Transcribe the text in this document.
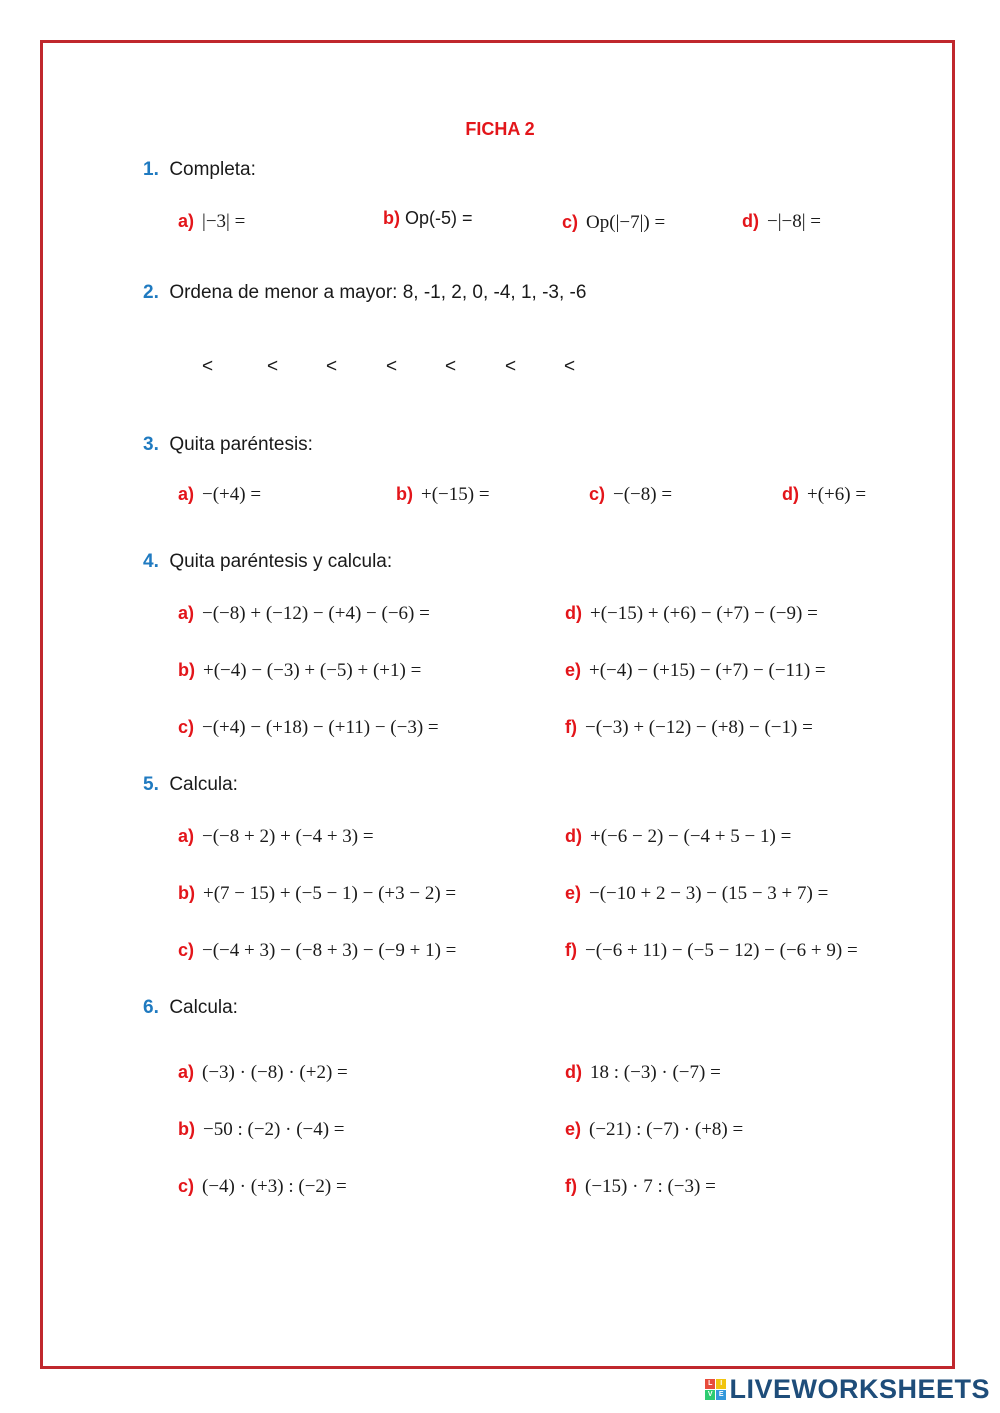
FICHA 2
1. Completa:
a) |−3| =	b) Op(-5) =	c) Op(|−7|) =	d) −|−8| =
2. Ordena de menor a mayor: 8, -1, 2, 0, -4, 1, -3, -6
<	<	<	<	<	<	<
3. Quita paréntesis:
a) −(+4) =	b) +(−15) =	c) −(−8) =	d) +(+6) =
4. Quita paréntesis y calcula:
a) −(−8) + (−12) − (+4) − (−6) =
b) +(−4) − (−3) + (−5) + (+1) =
c) −(+4) − (+18) − (+11) − (−3) =
d) +(−15) + (+6) − (+7) − (−9) =
e) +(−4) − (+15) − (+7) − (−11) =
f) −(−3) + (−12) − (+8) − (−1) =
5. Calcula:
a) −(−8 + 2) + (−4 + 3) =
b) +(7 − 15) + (−5 − 1) − (+3 − 2) =
c) −(−4 + 3) − (−8 + 3) − (−9 + 1) =
d) +(−6 − 2) − (−4 + 5 − 1) =
e) −(−10 + 2 − 3) − (15 − 3 + 7) =
f) −(−6 + 11) − (−5 − 12) − (−6 + 9) =
6. Calcula:
a) (−3) · (−8) · (+2) =
b) −50 : (−2) · (−4) =
c) (−4) · (+3) : (−2) =
d) 18 : (−3) · (−7) =
e) (−21) : (−7) · (+8) =
f) (−15) · 7 : (−3) =
L	I
V E LIVEWORKSHEETS
